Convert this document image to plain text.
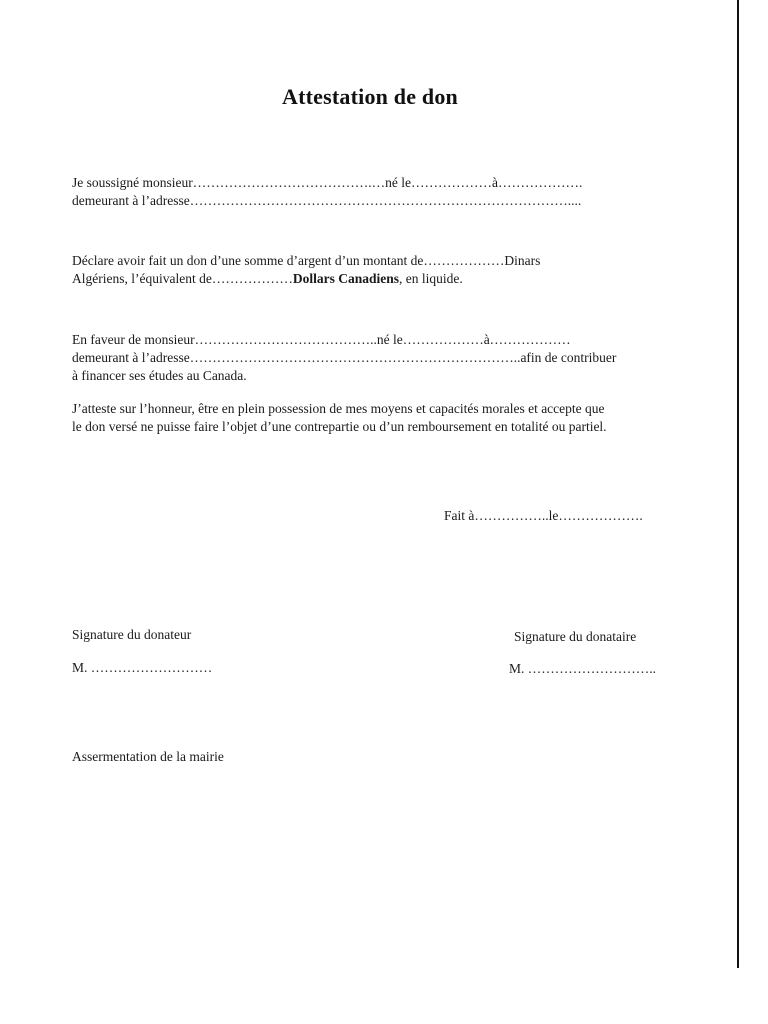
Attestation de don
Je soussigné monsieur………………………………….…né le………………à……………….
demeurant à l’adresse…………………………………………………………………………....
Déclare avoir fait un don d’une somme d’argent d’un montant de………………Dinars
Algériens, l’équivalent de………………Dollars Canadiens, en liquide.
En faveur de monsieur…………………………………..né le………………à………………
demeurant à l’adresse………………………………………………………………..afin de contribuer
à financer ses études au Canada.
J’atteste sur l’honneur, être en plein possession de mes moyens et capacités morales et accepte que
le don versé ne puisse faire l’objet d’une contrepartie ou d’un remboursement en totalité ou partiel.
Fait à……………..le……………….
Signature du donateur
M. ………………………
Signature du donataire
M. ………………………..
Assermentation de la mairie
